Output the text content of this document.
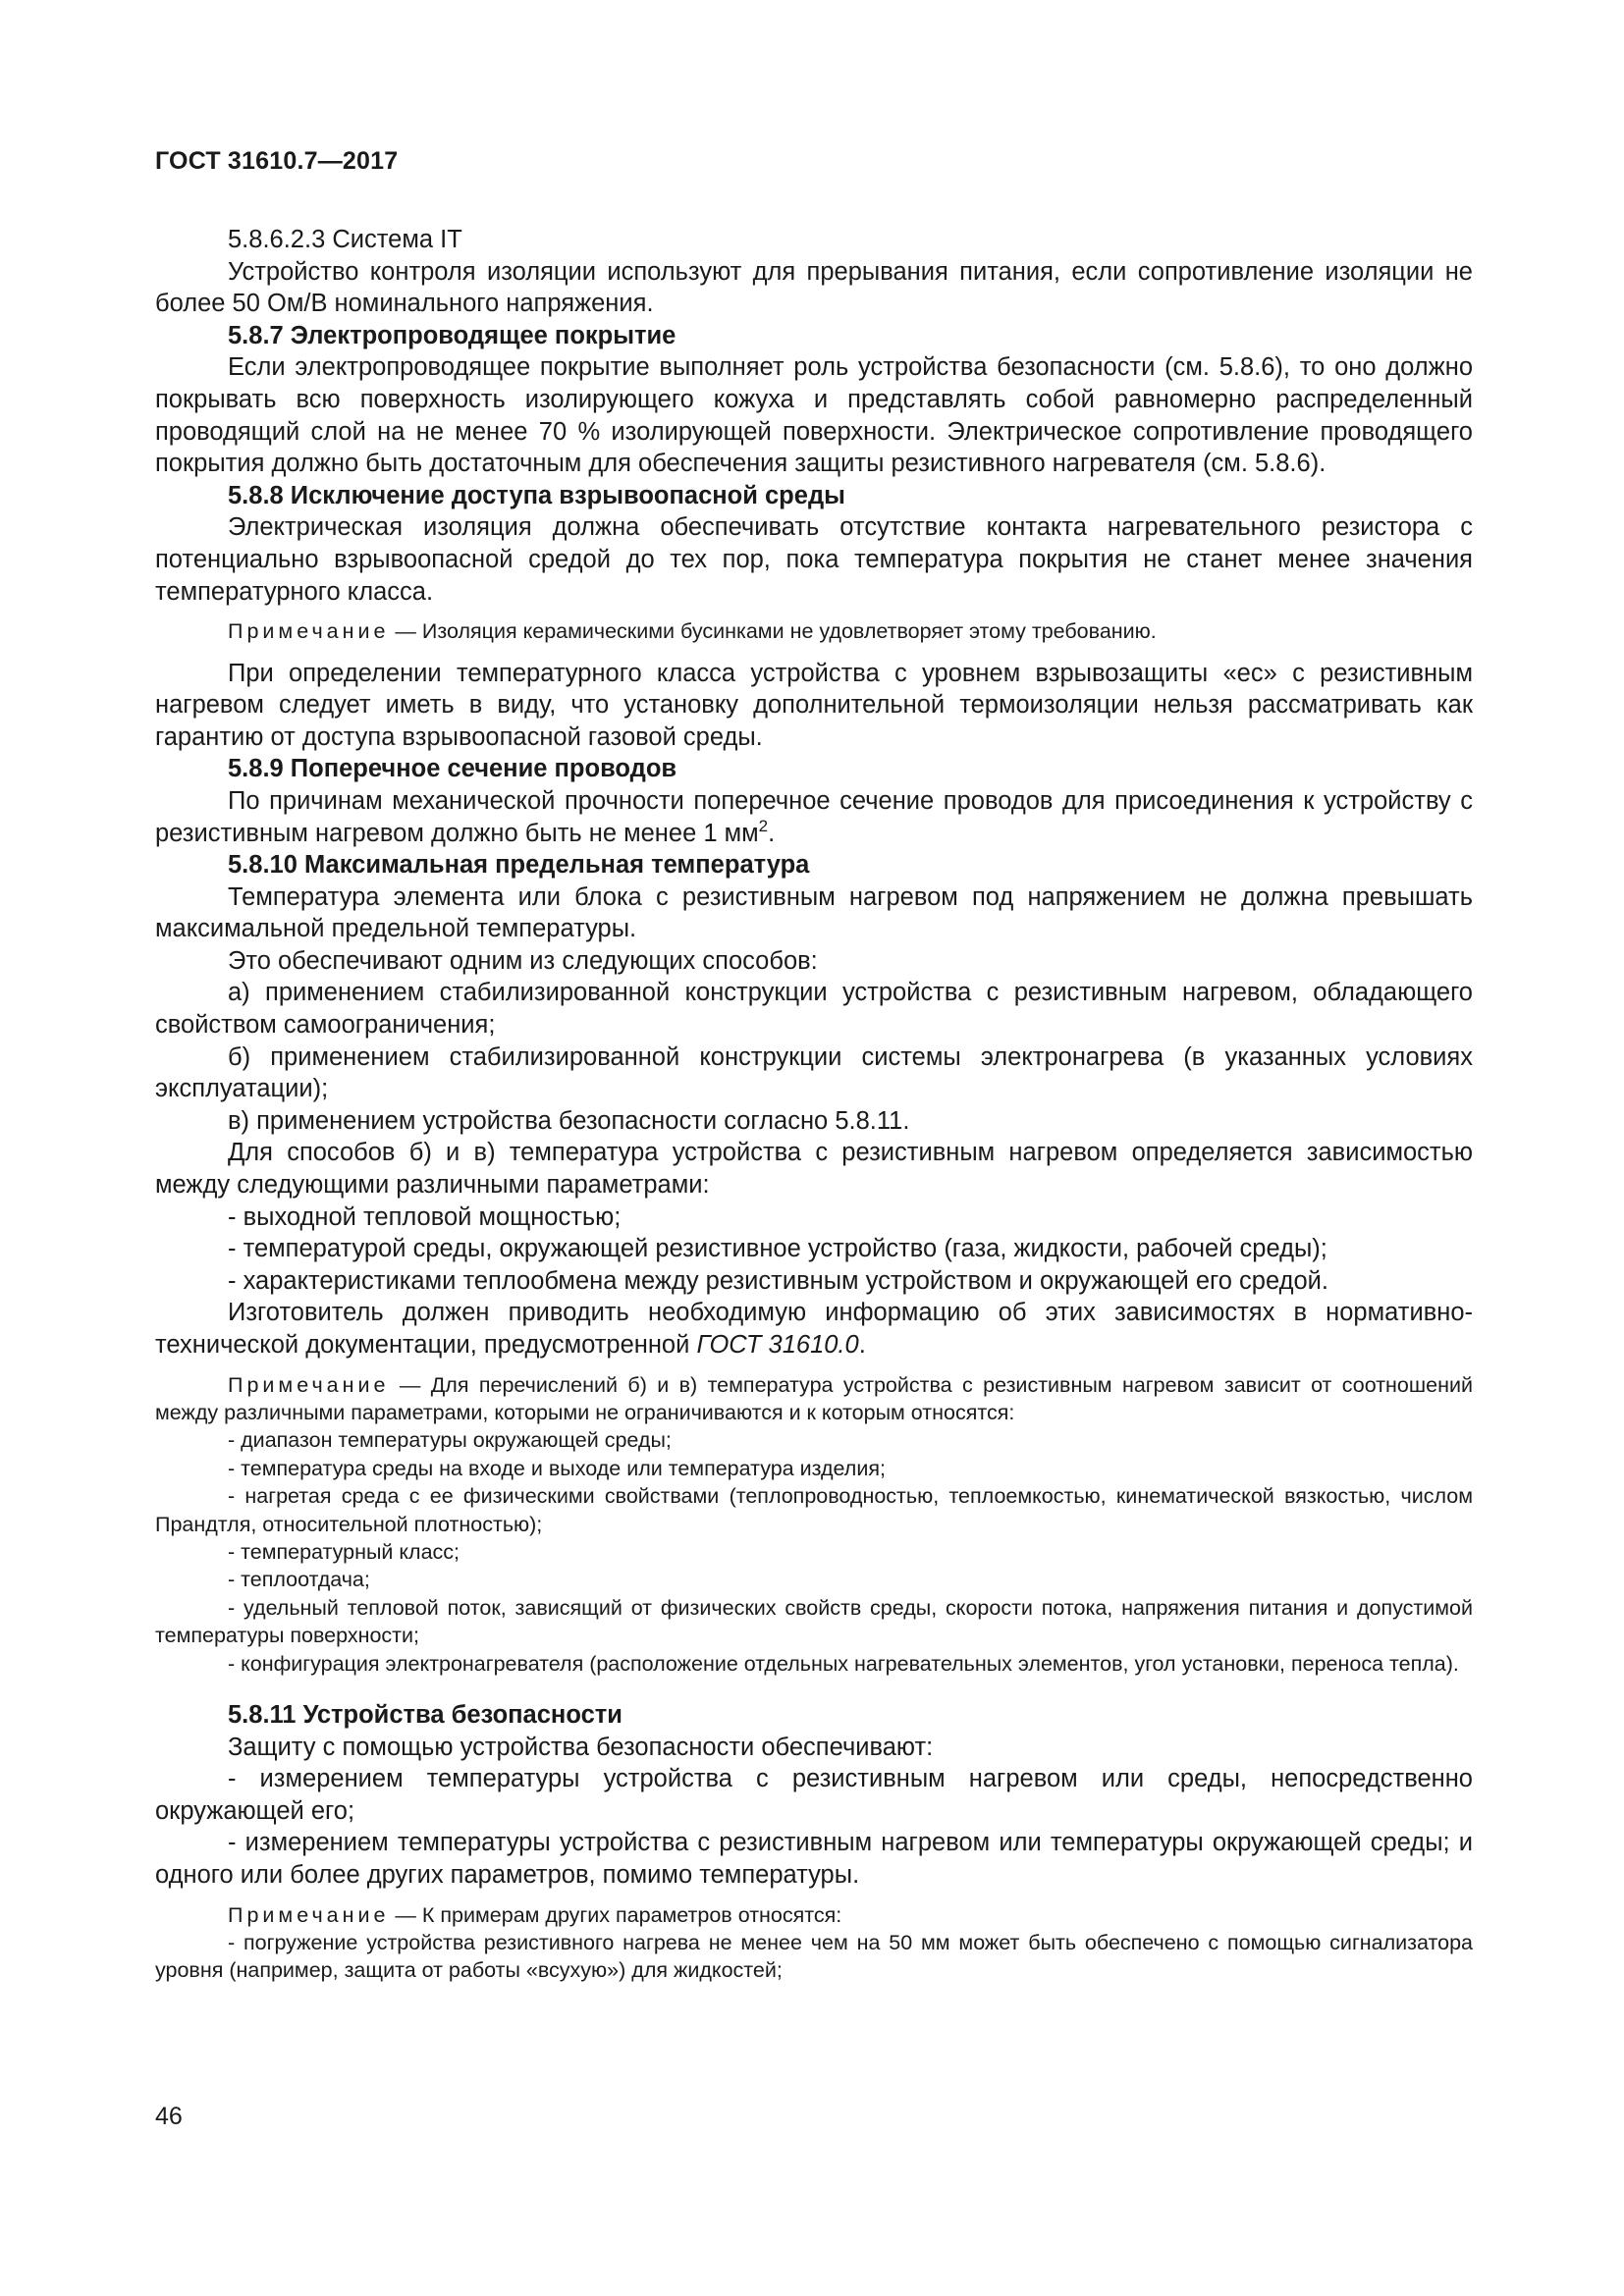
ГОСТ 31610.7—2017

5.8.6.2.3 Система IT

Устройство контроля изоляции используют для прерывания питания, если сопротивление изоляции не более 50 Ом/В номинального напряжения.

5.8.7 Электропроводящее покрытие

Если электропроводящее покрытие выполняет роль устройства безопасности (см. 5.8.6), то оно должно покрывать всю поверхность изолирующего кожуха и представлять собой равномерно распределенный проводящий слой на не менее 70 % изолирующей поверхности. Электрическое сопротивление проводящего покрытия должно быть достаточным для обеспечения защиты резистивного нагревателя (см. 5.8.6).

5.8.8 Исключение доступа взрывоопасной среды

Электрическая изоляция должна обеспечивать отсутствие контакта нагревательного резистора с потенциально взрывоопасной средой до тех пор, пока температура покрытия не станет менее значения температурного класса.

Примечание — Изоляция керамическими бусинками не удовлетворяет этому требованию.

При определении температурного класса устройства с уровнем взрывозащиты «ес» с резистивным нагревом следует иметь в виду, что установку дополнительной термоизоляции нельзя рассматривать как гарантию от доступа взрывоопасной газовой среды.

5.8.9 Поперечное сечение проводов

По причинам механической прочности поперечное сечение проводов для присоединения к устройству с резистивным нагревом должно быть не менее 1 $мм^2$.

5.8.10 Максимальная предельная температура

Температура элемента или блока с резистивным нагревом под напряжением не должна превышать максимальной предельной температуры.

Это обеспечивают одним из следующих способов:

а) применением стабилизированной конструкции устройства с резистивным нагревом, обладающего свойством самоограничения;

б) применением стабилизированной конструкции системы электронагрева (в указанных условиях эксплуатации);

в) применением устройства безопасности согласно 5.8.11.

Для способов б) и в) температура устройства с резистивным нагревом определяется зависимостью между следующими различными параметрами:

- выходной тепловой мощностью;

- температурой среды, окружающей резистивное устройство (газа, жидкости, рабочей среды);

- характеристиками теплообмена между резистивным устройством и окружающей его средой.

Изготовитель должен приводить необходимую информацию об этих зависимостях в нормативно-технической документации, предусмотренной ГОСТ 31610.0.

Примечание — Для перечислений б) и в) температура устройства с резистивным нагревом зависит от соотношений между различными параметрами, которыми не ограничиваются и к которым относятся:

- диапазон температуры окружающей среды;

- температура среды на входе и выходе или температура изделия;

- нагретая среда с ее физическими свойствами (теплопроводностью, теплоемкостью, кинематической вязкостью, числом Прандтля, относительной плотностью);

- температурный класс;

- теплоотдача;

- удельный тепловой поток, зависящий от физических свойств среды, скорости потока, напряжения питания и допустимой температуры поверхности;

- конфигурация электронагревателя (расположение отдельных нагревательных элементов, угол установки, переноса тепла).

5.8.11 Устройства безопасности

Защиту с помощью устройства безопасности обеспечивают:

- измерением температуры устройства с резистивным нагревом или среды, непосредственно окружающей его;

- измерением температуры устройства с резистивным нагревом или температуры окружающей среды; и одного или более других параметров, помимо температуры.

Примечание — К примерам других параметров относятся:

- погружение устройства резистивного нагрева не менее чем на 50 мм может быть обеспечено с помощью сигнализатора уровня (например, защита от работы «всухую») для жидкостей;

46
